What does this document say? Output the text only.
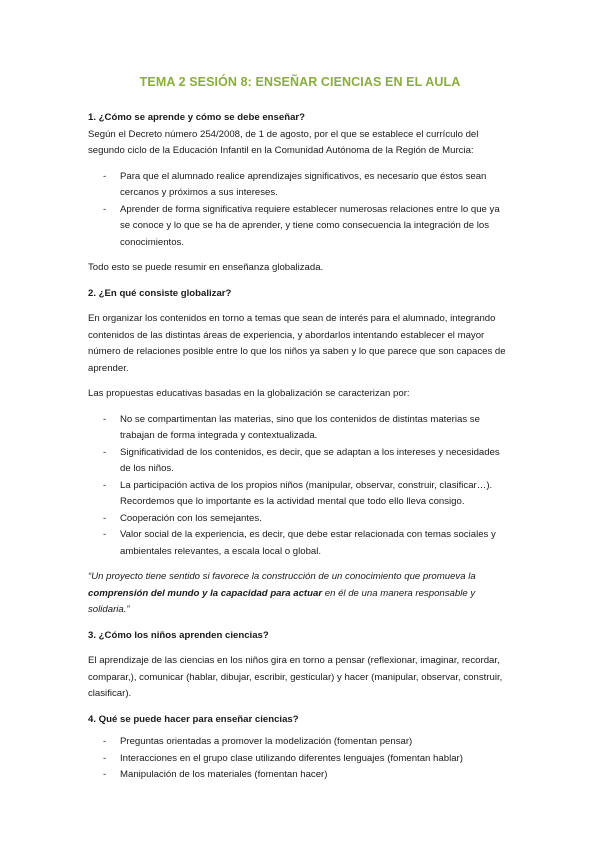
TEMA 2 SESIÓN 8: ENSEÑAR CIENCIAS EN EL AULA

1. ¿Cómo se aprende y cómo se debe enseñar?

Según el Decreto número 254/2008, de 1 de agosto, por el que se establece el currículo del segundo ciclo de la Educación Infantil en la Comunidad Autónoma de la Región de Murcia:

- Para que el alumnado realice aprendizajes significativos, es necesario que éstos sean cercanos y próximos a sus intereses.
- Aprender de forma significativa requiere establecer numerosas relaciones entre lo que ya se conoce y lo que se ha de aprender, y tiene como consecuencia la integración de los conocimientos.

Todo esto se puede resumir en enseñanza globalizada.

2. ¿En qué consiste globalizar?

En organizar los contenidos en torno a temas que sean de interés para el alumnado, integrando contenidos de las distintas áreas de experiencia, y abordarlos intentando establecer el mayor número de relaciones posible entre lo que los niños ya saben y lo que parece que son capaces de aprender.

Las propuestas educativas basadas en la globalización se caracterizan por:

- No se compartimentan las materias, sino que los contenidos de distintas materias se trabajan de forma integrada y contextualizada.
- Significatividad de los contenidos, es decir, que se adaptan a los intereses y necesidades de los niños.
- La participación activa de los propios niños (manipular, observar, construir, clasificar…). Recordemos que lo importante es la actividad mental que todo ello lleva consigo.
- Cooperación con los semejantes.
- Valor social de la experiencia, es decir, que debe estar relacionada con temas sociales y ambientales relevantes, a escala local o global.

“Un proyecto tiene sentido si favorece la construcción de un conocimiento que promueva la comprensión del mundo y la capacidad para actuar en él de una manera responsable y solidaria.”

3. ¿Cómo los niños aprenden ciencias?

El aprendizaje de las ciencias en los niños gira en torno a pensar (reflexionar, imaginar, recordar, comparar,), comunicar (hablar, dibujar, escribir, gesticular) y hacer (manipular, observar, construir, clasificar).

4. Qué se puede hacer para enseñar ciencias?

- Preguntas orientadas a promover la modelización (fomentan pensar)
- Interacciones en el grupo clase utilizando diferentes lenguajes (fomentan hablar)
- Manipulación de los materiales (fomentan hacer)
